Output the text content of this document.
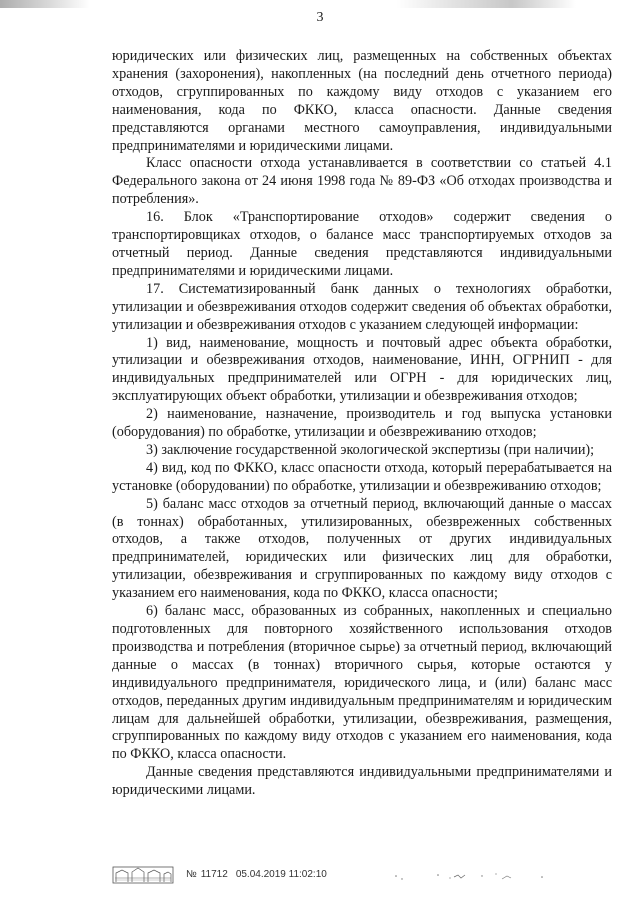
3

юридических или физических лиц, размещенных на собственных объектах хранения (захоронения), накопленных (на последний день отчетного периода) отходов, сгруппированных по каждому виду отходов с указанием его наименования, кода по ФККО, класса опасности. Данные сведения представляются органами местного самоуправления, индивидуальными предпринимателями и юридическими лицами.

Класс опасности отхода устанавливается в соответствии со статьей 4.1 Федерального закона от 24 июня 1998 года № 89-ФЗ «Об отходах производства и потребления».

16. Блок «Транспортирование отходов» содержит сведения о транспортировщиках отходов, о балансе масс транспортируемых отходов за отчетный период. Данные сведения представляются индивидуальными предпринимателями и юридическими лицами.

17. Систематизированный банк данных о технологиях обработки, утилизации и обезвреживания отходов содержит сведения об объектах обработки, утилизации и обезвреживания отходов с указанием следующей информации:

1) вид, наименование, мощность и почтовый адрес объекта обработки, утилизации и обезвреживания отходов, наименование, ИНН, ОГРНИП - для индивидуальных предпринимателей или ОГРН - для юридических лиц, эксплуатирующих объект обработки, утилизации и обезвреживания отходов;

2) наименование, назначение, производитель и год выпуска установки (оборудования) по обработке, утилизации и обезвреживанию отходов;

3) заключение государственной экологической экспертизы (при наличии);

4) вид, код по ФККО, класс опасности отхода, который перерабатывается на установке (оборудовании) по обработке, утилизации и обезвреживанию отходов;

5) баланс масс отходов за отчетный период, включающий данные о массах (в тоннах) обработанных, утилизированных, обезвреженных собственных отходов, а также отходов, полученных от других индивидуальных предпринимателей, юридических или физических лиц для обработки, утилизации, обезвреживания и сгруппированных по каждому виду отходов с указанием его наименования, кода по ФККО, класса опасности;

6) баланс масс, образованных из собранных, накопленных и специально подготовленных для повторного хозяйственного использования отходов производства и потребления (вторичное сырье) за отчетный период, включающий данные о массах (в тоннах) вторичного сырья, которые остаются у индивидуального предпринимателя, юридического лица, и (или) баланс масс отходов, переданных другим индивидуальным предпринимателям и юридическим лицам для дальнейшей обработки, утилизации, обезвреживания, размещения, сгруппированных по каждому виду отходов с указанием его наименования, кода по ФККО, класса опасности.

Данные сведения представляются индивидуальными предпринимателями и юридическими лицами.

№ 11712 05.04.2019 11:02:10
